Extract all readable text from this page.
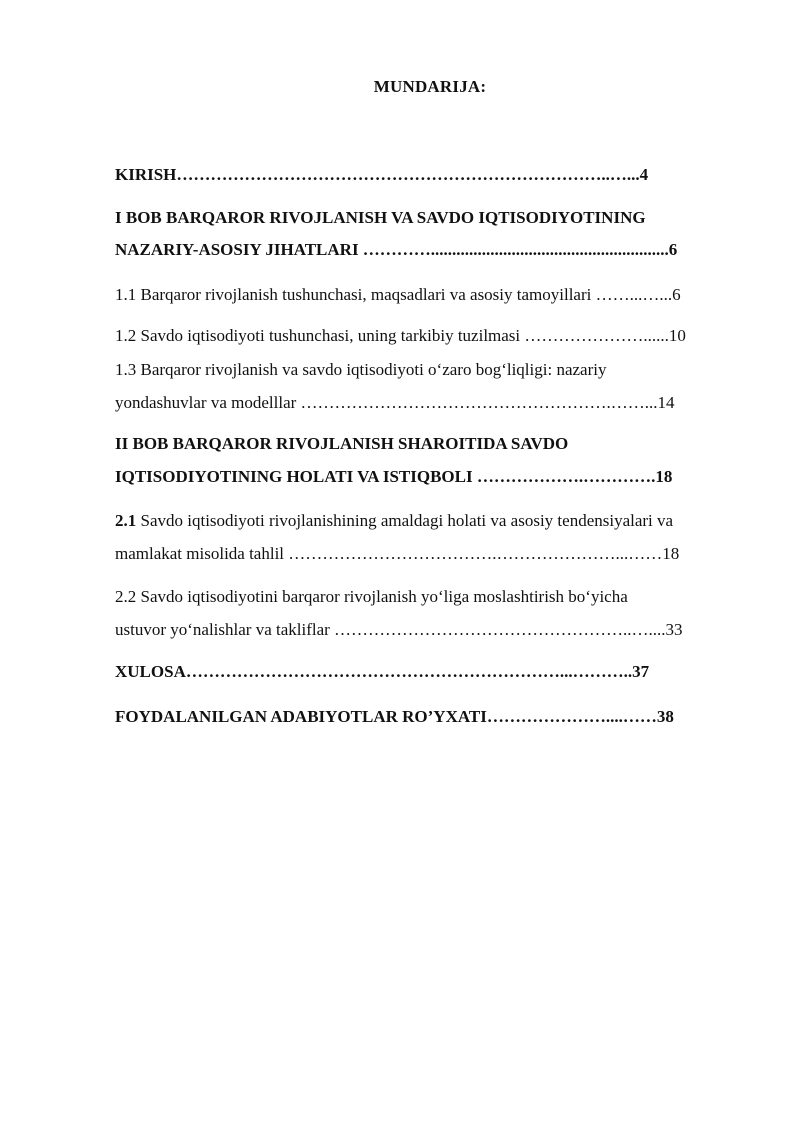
MUNDARIJA:
KIRISH…………………………………………………………………..…...4
I BOB BARQAROR RIVOJLANISH VA SAVDO IQTISODIYOTINING
NAZARIY-ASOSIY JIHATLARI …………........................................................6
1.1 Barqaror rivojlanish tushunchasi, maqsadlari va asosiy tamoyillari ……...…...6
1.2 Savdo iqtisodiyoti tushunchasi, uning tarkibiy tuzilmasi …………………......10
1.3 Barqaror rivojlanish va savdo iqtisodiyoti o‘zaro bog‘liqligi: nazariy
yondashuvlar va modelllar ……………………………………………….……...14
II BOB BARQAROR RIVOJLANISH SHAROITIDA SAVDO
IQTISODIYOTINING HOLATI VA ISTIQBOLI ……………….………….18
2.1 Savdo iqtisodiyoti rivojlanishining amaldagi holati va asosiy tendensiyalari va
mamlakat misolida tahlil ……………………………….…………………...……18
2.2 Savdo iqtisodiyotini barqaror rivojlanish yo‘liga moslashtirish bo‘yicha
ustuvor yo‘nalishlar va takliflar ……………………………………………..…....33
XULOSA…………………………………………………………...………..37
FOYDALANILGAN ADABIYOTLAR RO’YXATI…………………....……38
